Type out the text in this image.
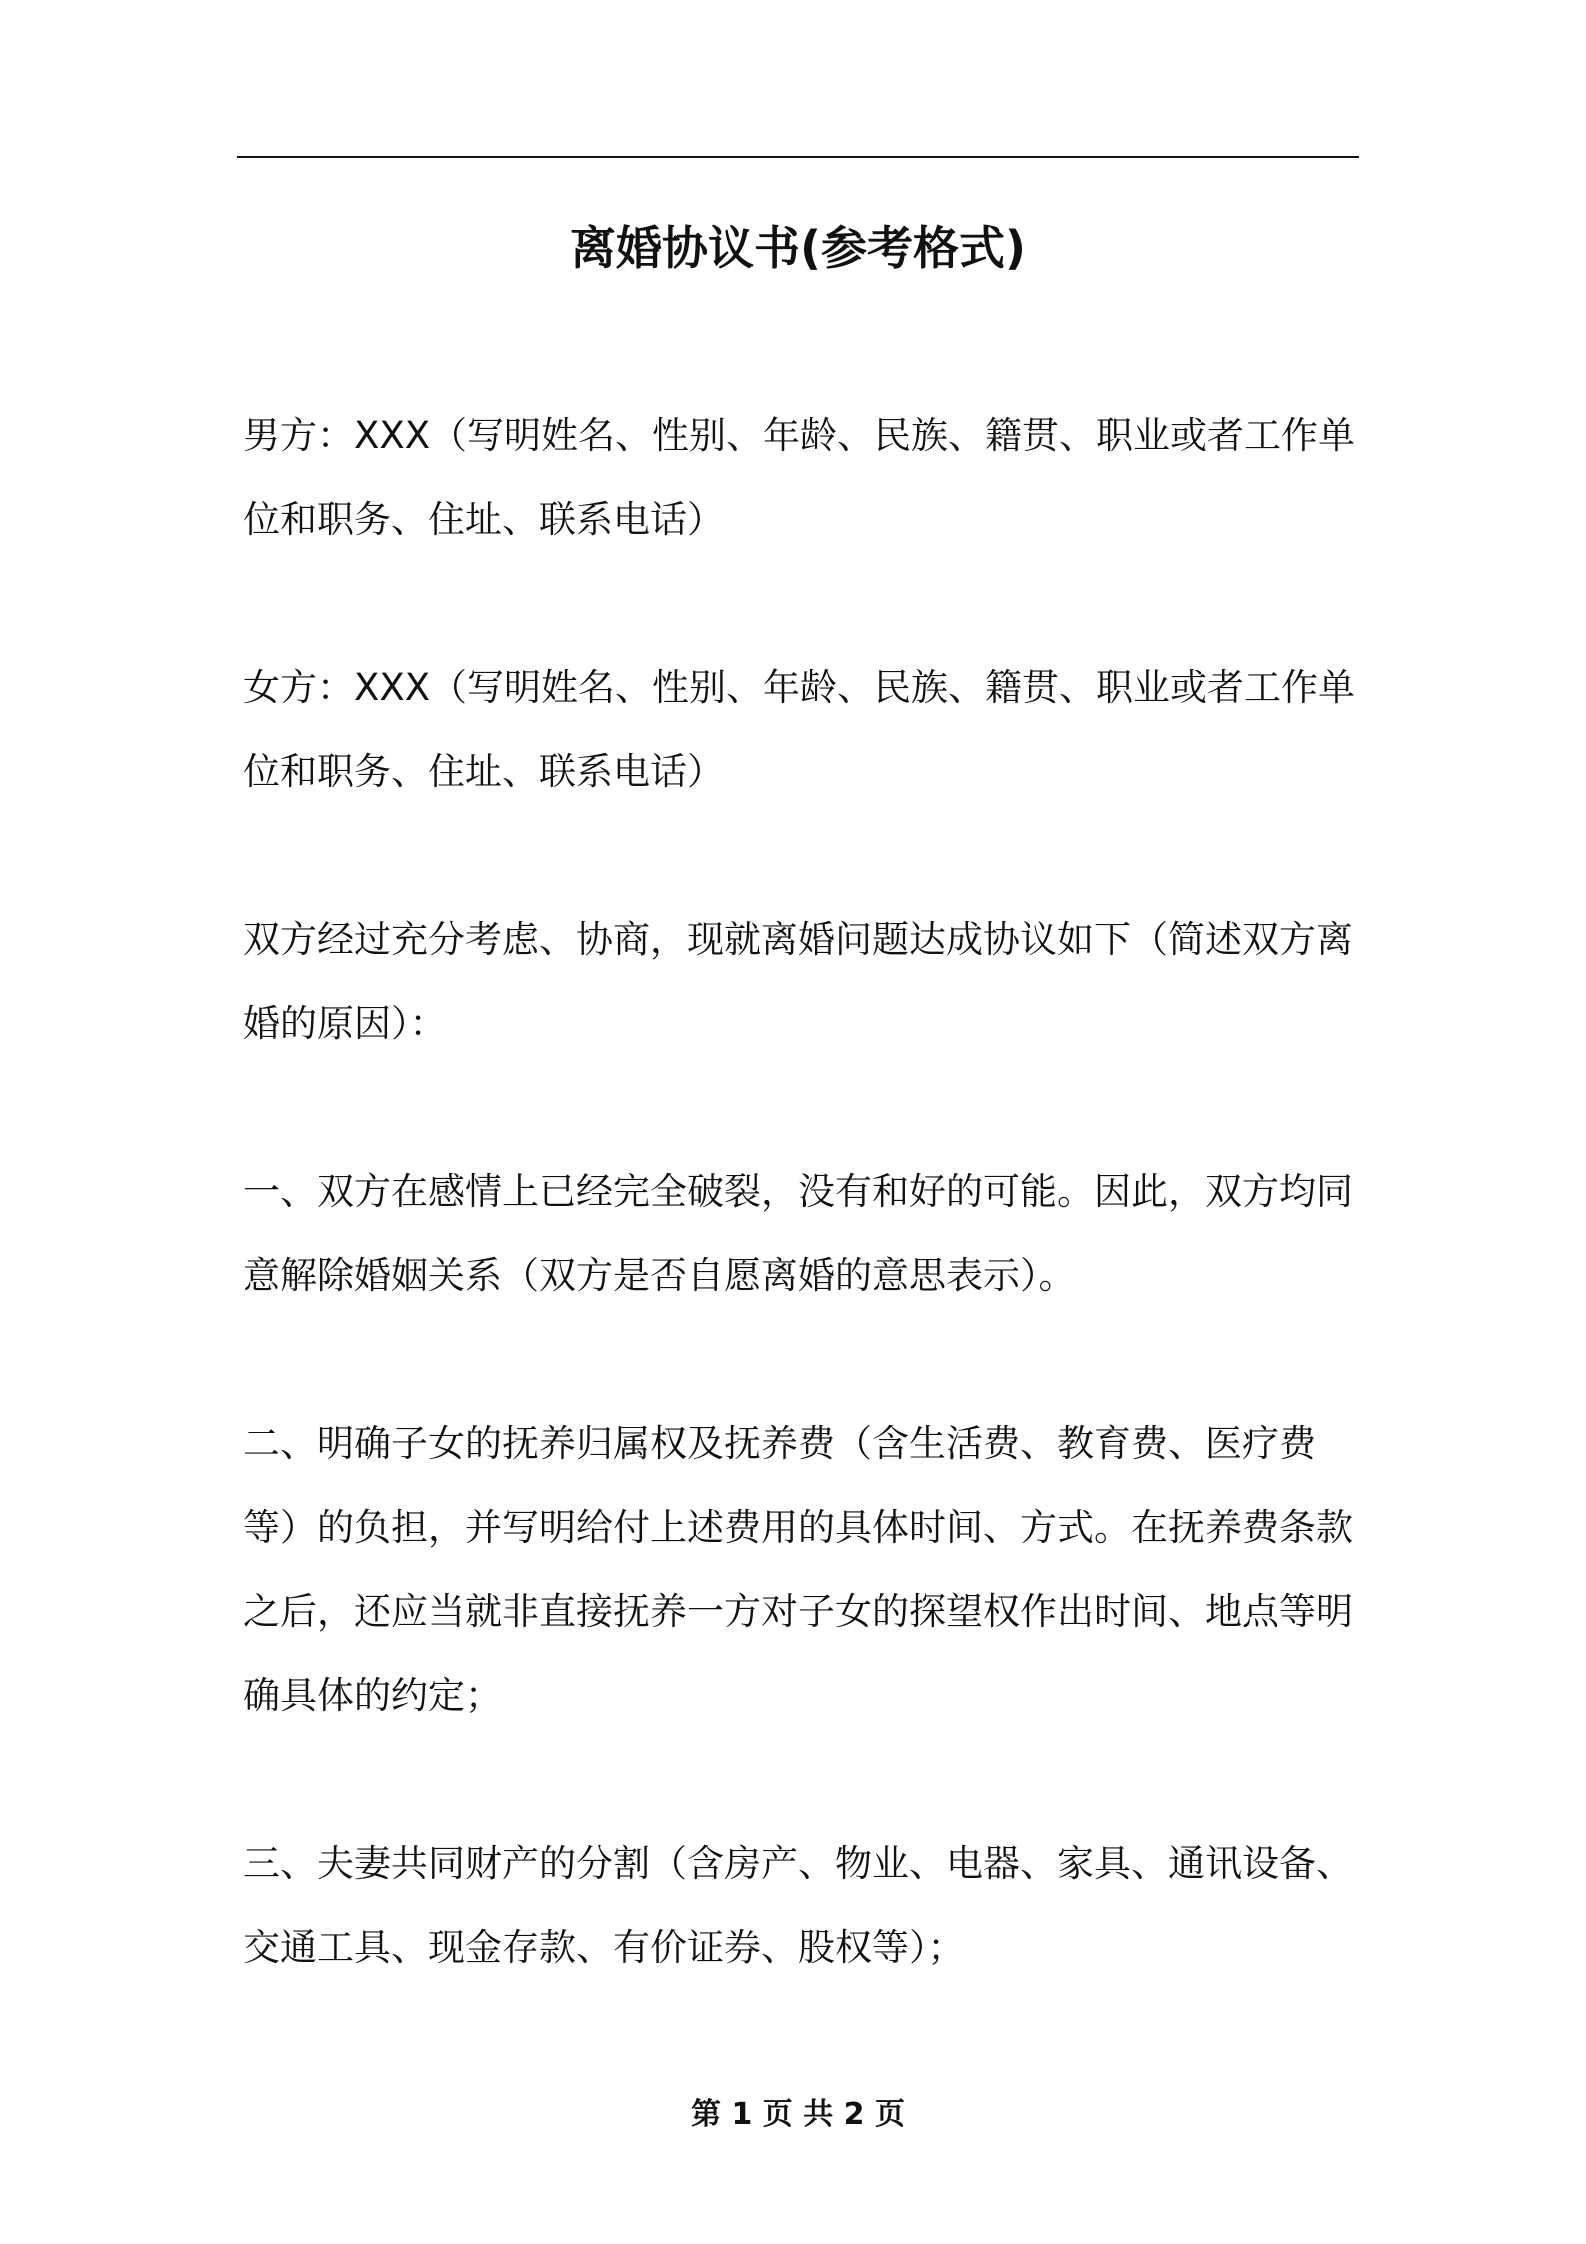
离婚协议书(参考格式)

男方：XXX（写明姓名、性别、年龄、民族、籍贯、职业或者工作单位和职务、住址、联系电话）

女方：XXX（写明姓名、性别、年龄、民族、籍贯、职业或者工作单位和职务、住址、联系电话）

双方经过充分考虑、协商，现就离婚问题达成协议如下（简述双方离婚的原因）：

一、双方在感情上已经完全破裂，没有和好的可能。因此，双方均同意解除婚姻关系（双方是否自愿离婚的意思表示）。

二、明确子女的抚养归属权及抚养费（含生活费、教育费、医疗费等）的负担，并写明给付上述费用的具体时间、方式。在抚养费条款之后，还应当就非直接抚养一方对子女的探望权作出时间、地点等明确具体的约定；

三、夫妻共同财产的分割（含房产、物业、电器、家具、通讯设备、交通工具、现金存款、有价证券、股权等）；

第 1 页 共 2 页
